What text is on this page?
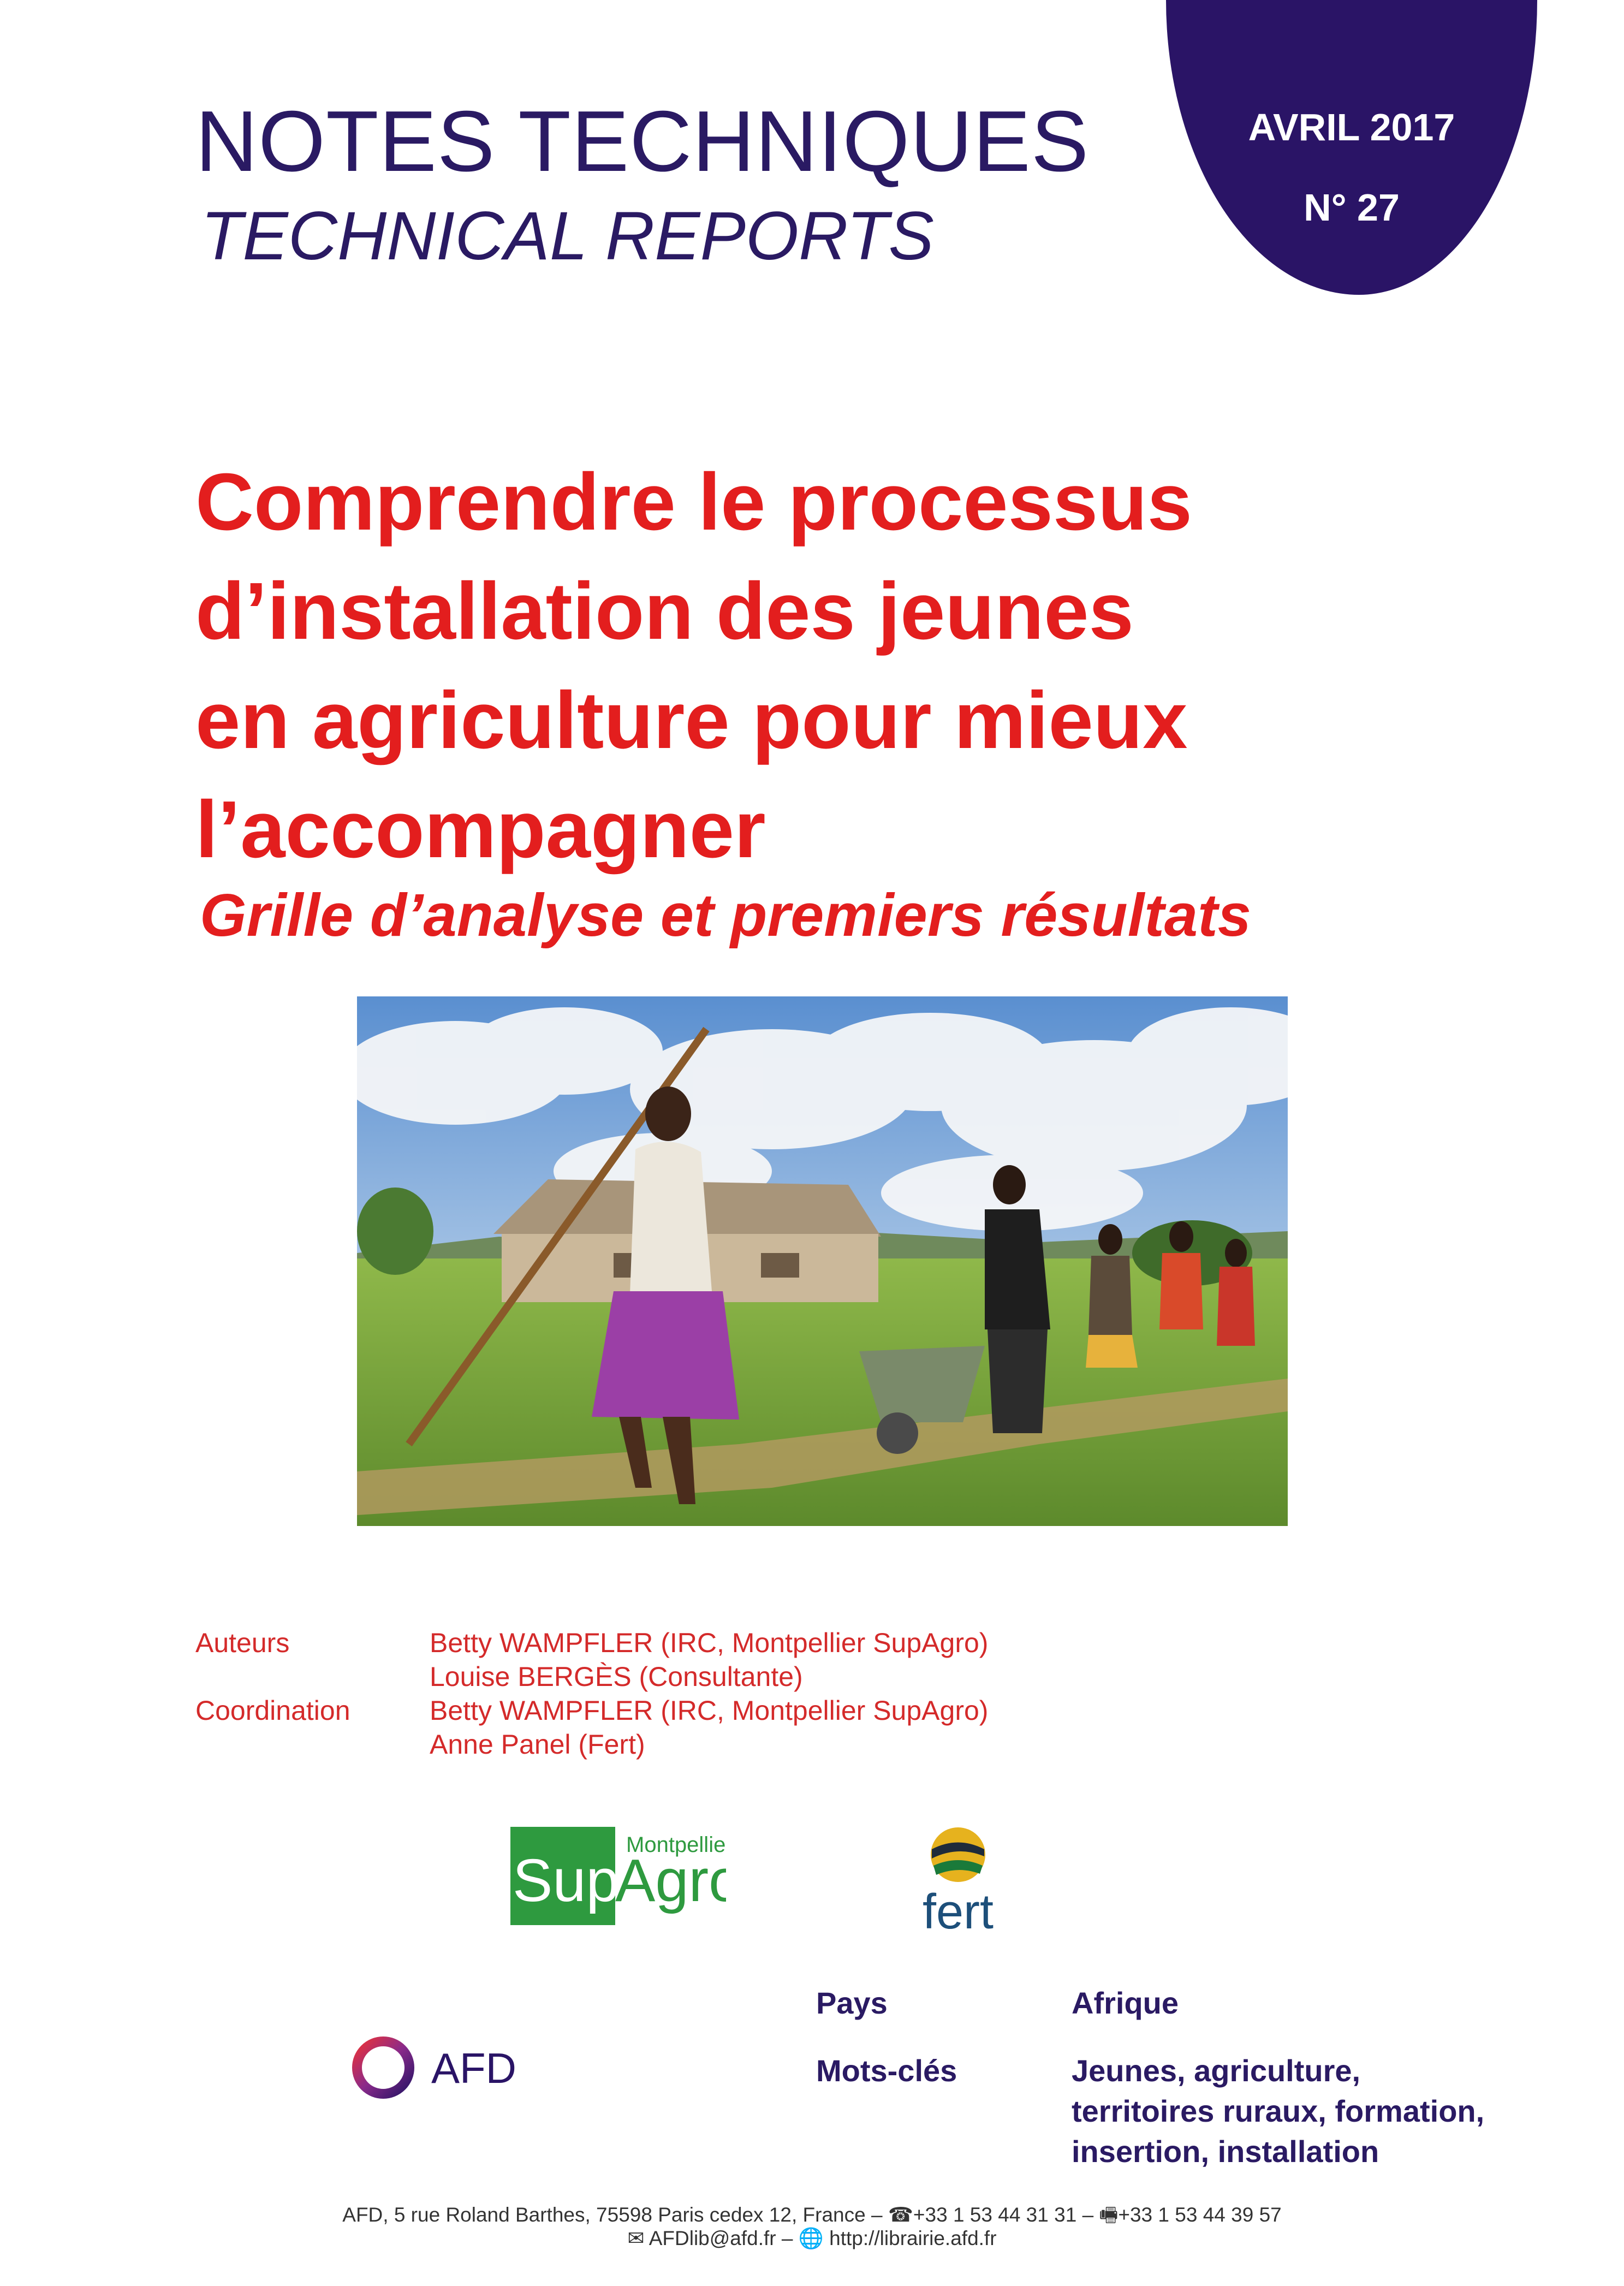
NOTES TECHNIQUES
TECHNICAL REPORTS
AVRIL 2017
N° 27
Comprendre le processus
d’installation des jeunes
en agriculture pour mieux
l’accompagner
Grille d’analyse et premiers résultats
Auteurs	Betty WAMPFLER (IRC, Montpellier SupAgro)
Louise BERGÈS (Consultante)
Coordination	Betty WAMPFLER (IRC, Montpellier SupAgro)
Anne Panel (Fert)
Montpellier
Sup
Agro	fert
AFD
Pays	Afrique
Mots-clés	Jeunes, agriculture,
territoires ruraux, formation,
insertion, installation
AFD, 5 rue Roland Barthes, 75598 Paris cedex 12, France – ☎+33 1 53 44 31 31 – 🖷+33 1 53 44 39 57
✉ AFDlib@afd.fr – 🌐 http://librairie.afd.fr
